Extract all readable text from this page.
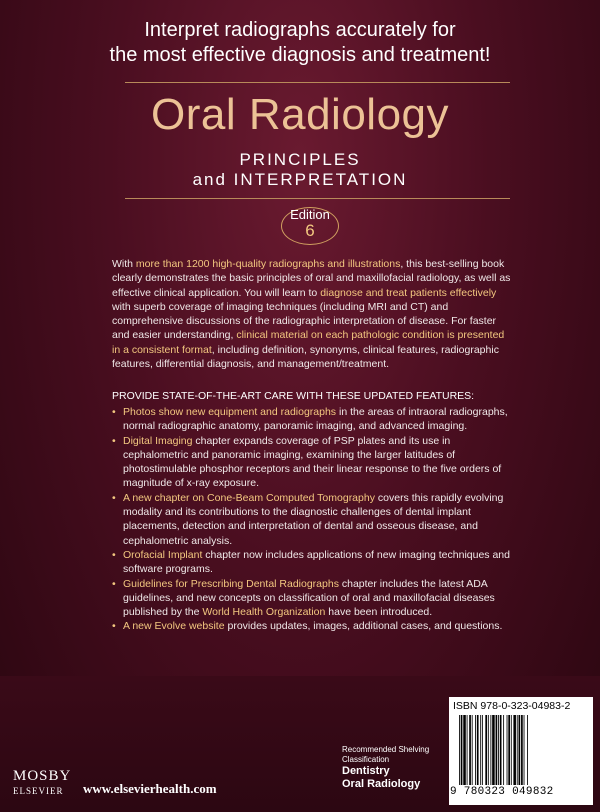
Interpret radiographs accurately for
the most effective diagnosis and treatment!
Oral Radiology
PRINCIPLES
and INTERPRETATION
Edition
6
With more than 1200 high-quality radiographs and illustrations, this best-selling book clearly demonstrates the basic principles of oral and maxillofacial radiology, as well as effective clinical application. You will learn to diagnose and treat patients effectively with superb coverage of imaging techniques (including MRI and CT) and comprehensive discussions of the radiographic interpretation of disease. For faster and easier understanding, clinical material on each pathologic condition is presented in a consistent format, including definition, synonyms, clinical features, radiographic features, differential diagnosis, and management/treatment.
PROVIDE STATE-OF-THE-ART CARE WITH THESE UPDATED FEATURES:
• Photos show new equipment and radiographs in the areas of intraoral radiographs, normal radiographic anatomy, panoramic imaging, and advanced imaging.
• Digital Imaging chapter expands coverage of PSP plates and its use in cephalometric and panoramic imaging, examining the larger latitudes of photostimulable phosphor receptors and their linear response to the five orders of magnitude of x-ray exposure.
• A new chapter on Cone-Beam Computed Tomography covers this rapidly evolving modality and its contributions to the diagnostic challenges of dental implant placements, detection and interpretation of dental and osseous disease, and cephalometric analysis.
• Orofacial Implant chapter now includes applications of new imaging techniques and software programs.
• Guidelines for Prescribing Dental Radiographs chapter includes the latest ADA guidelines, and new concepts on classification of oral and maxillofacial diseases published by the World Health Organization have been introduced.
• A new Evolve website provides updates, images, additional cases, and questions.
MOSBY
ELSEVIER www.elsevierhealth.com
Recommended Shelving
Classification
Dentistry
Oral Radiology
ISBN 978-0-323-04983-2
9 780323 049832
